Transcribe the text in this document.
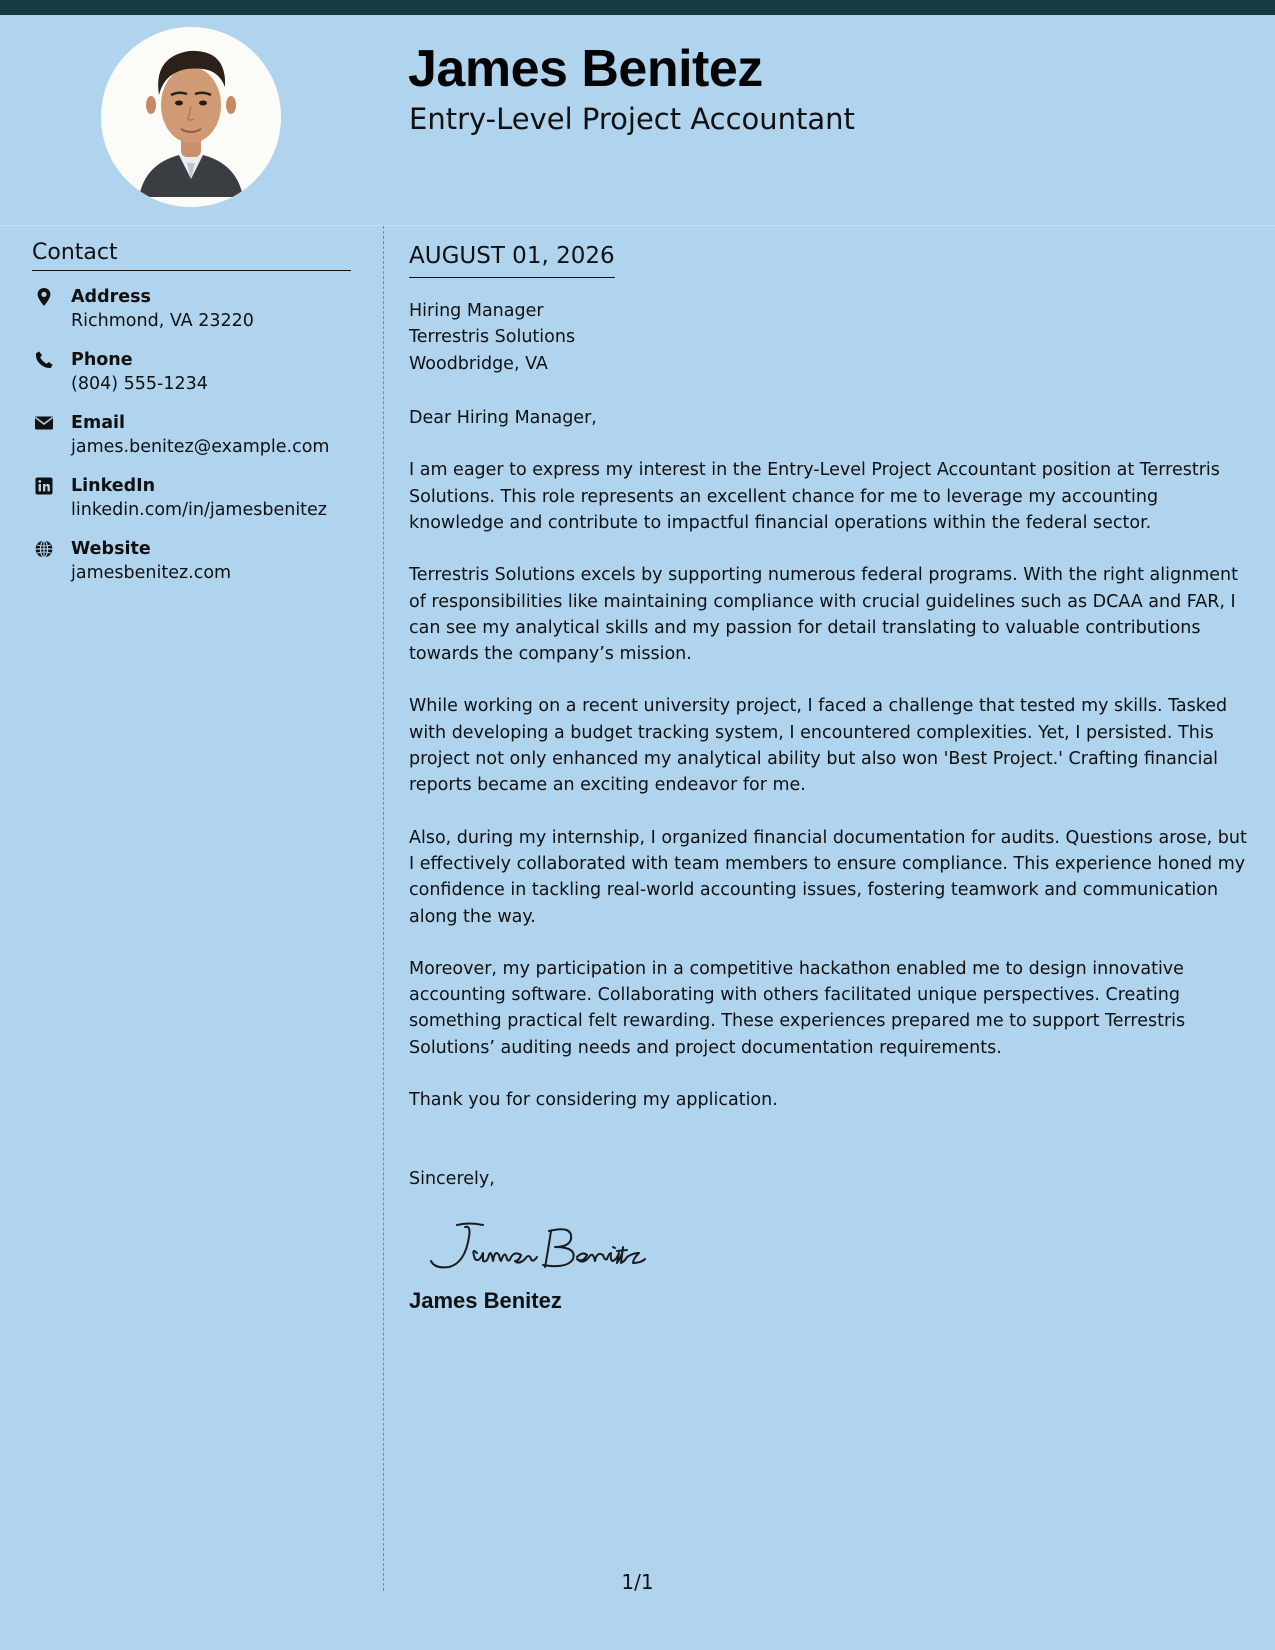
James Benitez
Entry-Level Project Accountant
Contact
Address
Richmond, VA 23220
Phone
(804) 555-1234
Email
james.benitez@example.com
LinkedIn
linkedin.com/in/jamesbenitez
Website
jamesbenitez.com
AUGUST 01, 2026
Hiring Manager
Terrestris Solutions
Woodbridge, VA

Dear Hiring Manager,

I am eager to express my interest in the Entry-Level Project Accountant position at Terrestris Solutions. This role represents an excellent chance for me to leverage my accounting knowledge and contribute to impactful financial operations within the federal sector.

Terrestris Solutions excels by supporting numerous federal programs. With the right alignment of responsibilities like maintaining compliance with crucial guidelines such as DCAA and FAR, I can see my analytical skills and my passion for detail translating to valuable contributions towards the company’s mission.

While working on a recent university project, I faced a challenge that tested my skills. Tasked with developing a budget tracking system, I encountered complexities. Yet, I persisted. This project not only enhanced my analytical ability but also won 'Best Project.' Crafting financial reports became an exciting endeavor for me.

Also, during my internship, I organized financial documentation for audits. Questions arose, but I effectively collaborated with team members to ensure compliance. This experience honed my confidence in tackling real-world accounting issues, fostering teamwork and communication along the way.

Moreover, my participation in a competitive hackathon enabled me to design innovative accounting software. Collaborating with others facilitated unique perspectives. Creating something practical felt rewarding. These experiences prepared me to support Terrestris Solutions’ auditing needs and project documentation requirements.

Thank you for considering my application.

Sincerely,

James Benitez
1/1
